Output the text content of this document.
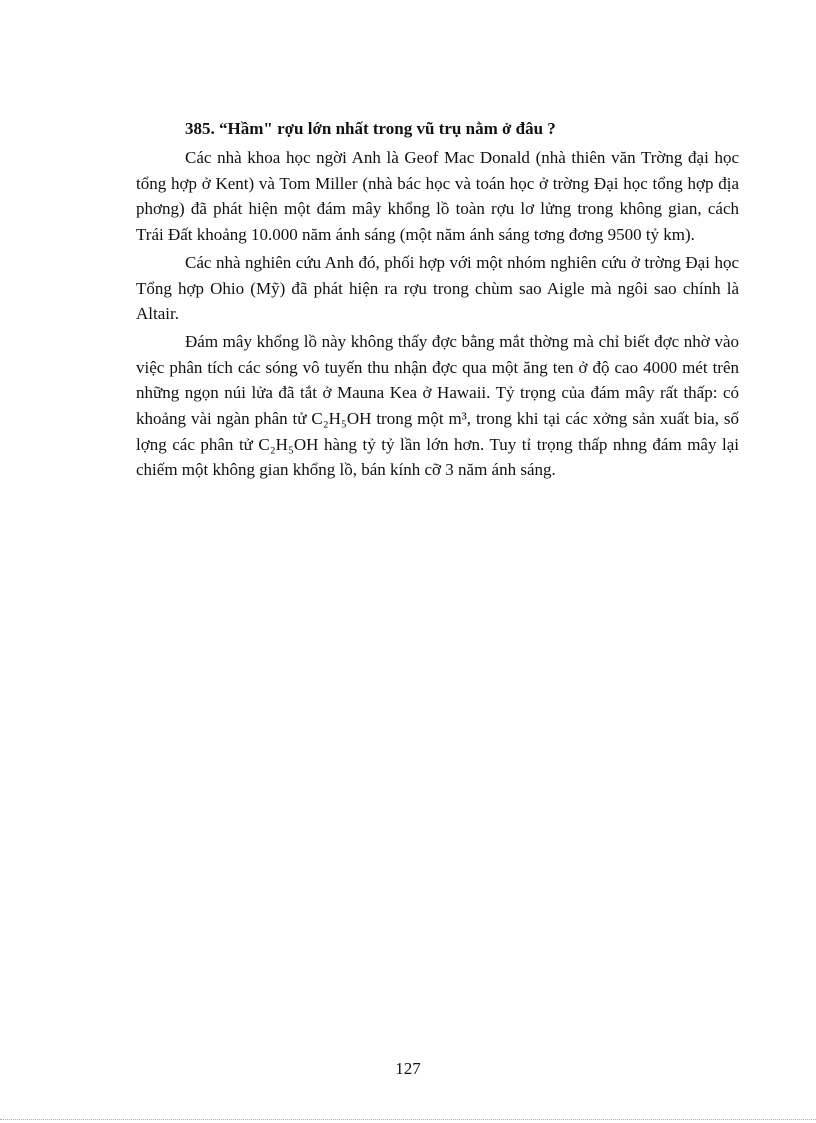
385. “Hầm" rợu lớn nhất trong vũ trụ nằm ở đâu ?

Các nhà khoa học ngời Anh là Geof Mac Donald (nhà thiên văn Trờng đại học tổng hợp ở Kent) và Tom Miller (nhà bác học và toán học ở trờng Đại học tổng hợp địa phơng) đã phát hiện một đám mây khổng lồ toàn rợu lơ lửng trong không gian, cách Trái Đất khoảng 10.000 năm ánh sáng (một năm ánh sáng tơng đơng 9500 tỷ km).

Các nhà nghiên cứu Anh đó, phối hợp với một nhóm nghiên cứu ở trờng Đại học Tổng hợp Ohio (Mỹ) đã phát hiện ra rợu trong chùm sao Aigle mà ngôi sao chính là Altair.

Đám mây khổng lồ này không thấy đợc bằng mắt thờng mà chỉ biết đợc nhờ vào việc phân tích các sóng vô tuyến thu nhận đợc qua một ăng ten ở độ cao 4000 mét trên những ngọn núi lửa đã tắt ở Mauna Kea ở Hawaii. Tỷ trọng của đám mây rất thấp: có khoảng vài ngàn phân tử C₂H₅OH trong một m³, trong khi tại các xởng sản xuất bia, số lợng các phân tử C₂H₅OH hàng tỷ tỷ lần lớn hơn. Tuy tỉ trọng thấp nhng đám mây lại chiếm một không gian khổng lồ, bán kính cỡ 3 năm ánh sáng.

127
